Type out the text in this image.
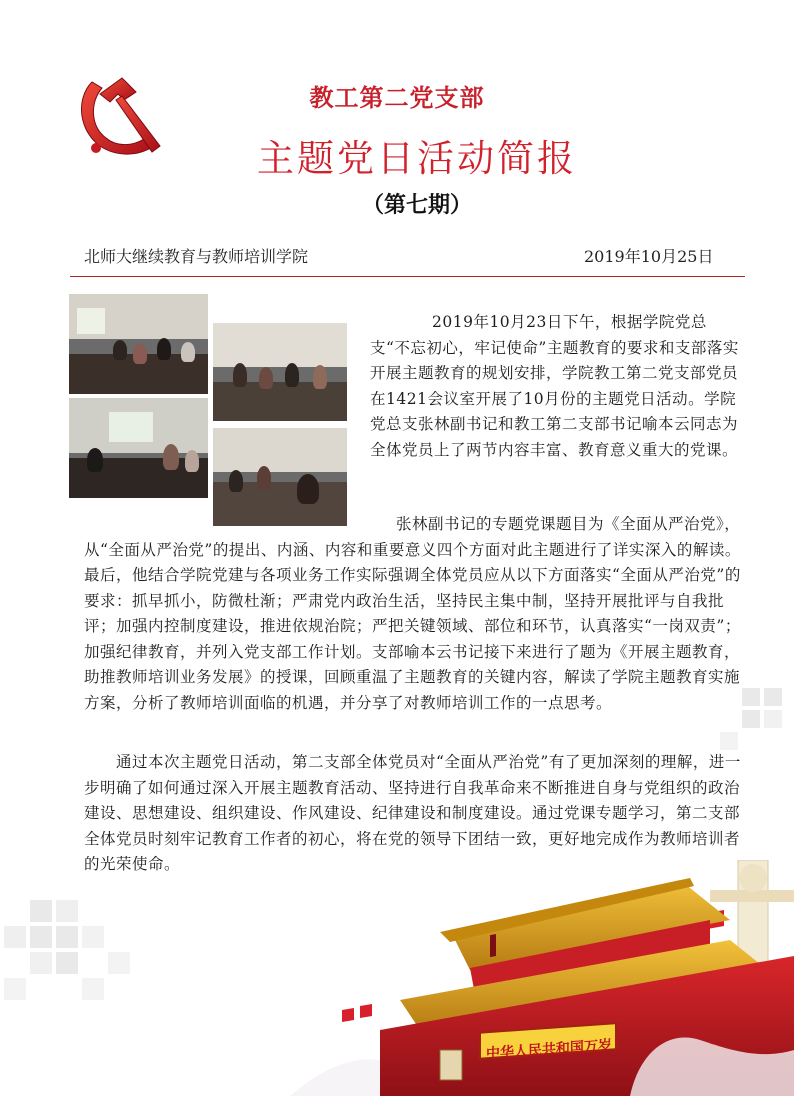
教工第二党支部
主题党日活动简报
（第七期）
北师大继续教育与教师培训学院	2019年10月25日
2019年10月23日下午，根据学院党总支“不忘初心，牢记使命”主题教育的要求和支部落实开展主题教育的规划安排，学院教工第二党支部党员在1421会议室开展了10月份的主题党日活动。学院党总支张林副书记和教工第二支部书记喻本云同志为全体党员上了两节内容丰富、教育意义重大的党课。
张林副书记的专题党课题目为《全面从严治党》，从“全面从严治党”的提出、内涵、内容和重要意义四个方面对此主题进行了详实深入的解读。最后，他结合学院党建与各项业务工作实际强调全体党员应从以下方面落实“全面从严治党”的要求：抓早抓小，防微杜渐；严肃党内政治生活，坚持民主集中制，坚持开展批评与自我批评；加强内控制度建设，推进依规治院；严把关键领域、部位和环节，认真落实“一岗双责”；加强纪律教育，并列入党支部工作计划。支部喻本云书记接下来进行了题为《开展主题教育，助推教师培训业务发展》的授课，回顾重温了主题教育的关键内容，解读了学院主题教育实施方案，分析了教师培训面临的机遇，并分享了对教师培训工作的一点思考。
通过本次主题党日活动，第二支部全体党员对“全面从严治党”有了更加深刻的理解，进一步明确了如何通过深入开展主题教育活动、坚持进行自我革命来不断推进自身与党组织的政治建设、思想建设、组织建设、作风建设、纪律建设和制度建设。通过党课专题学习，第二支部全体党员时刻牢记教育工作者的初心，将在党的领导下团结一致，更好地完成作为教师培训者的光荣使命。
中华人民共和国万岁
